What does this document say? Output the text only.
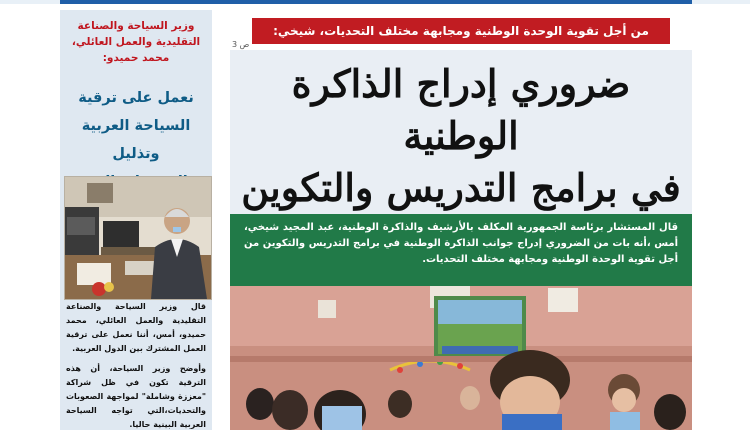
وزير السياحة والصناعة
التقليدية والعمل العائلي،
محمد حميدو:
نعمل على ترقية
السياحة العربية وتذليل

قال وزير السياحة والصناعة التقليدية والعمل العائلي، محمد حميدو، أمس، أننا نعمل على ترقية العمل المشترك بين الدول العربية.

وأوضح وزير السياحة، أن هذه الترقية تكون في ظل شراكة "معززة وشاملة" لمواجهة الصعوبات والتحديات،التي تواجه السياحة العربية البينية حاليا.

من أجل تقوية الوحدة الوطنية ومجابهة مختلف التحديات، شيخي:
ص 3
ضروري إدراج الذاكرة الوطنية
في برامج التدريس والتكوين
قال المستشار برئاسة الجمهورية المكلف بالأرشيف والذاكرة الوطنية، عبد المجيد شيخي، أمس ،أنه بات من الضروري إدراج جوانب الذاكرة الوطنية في برامج التدريس والتكوين من أجل تقوية الوحدة الوطنية ومجابهة مختلف التحديات.
